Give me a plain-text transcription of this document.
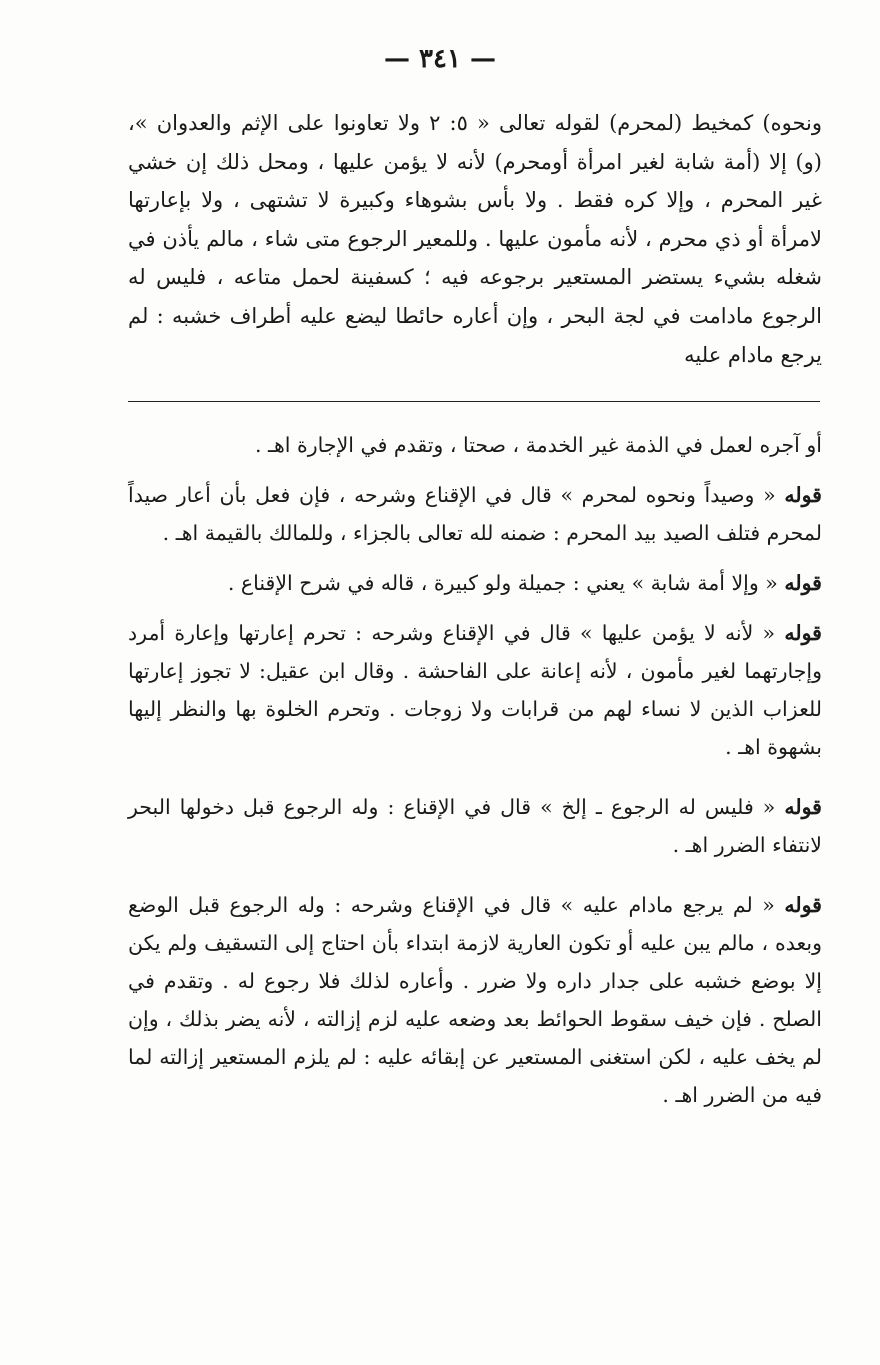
— ٣٤١ —

ونحوه) كمخيط (لمحرم) لقوله تعالى « ٥: ٢ ولا تعاونوا على الإثم والعدوان »، (و) إلا (أمة شابة لغير امرأة أومحرم) لأنه لا يؤمن عليها ، ومحل ذلك إن خشي غير المحرم ، وإلا كره فقط . ولا بأس بشوهاء وكبيرة لا تشتهى ، ولا بإعارتها لامرأة أو ذي محرم ، لأنه مأمون عليها . وللمعير الرجوع متى شاء ، مالم يأذن في شغله بشيء يستضر المستعير برجوعه فيه ؛ كسفينة لحمل متاعه ، فليس له الرجوع مادامت في لجة البحر ، وإن أعاره حائطا ليضع عليه أطراف خشبه : لم يرجع مادام عليه

أو آجره لعمل في الذمة غير الخدمة ، صحتا ، وتقدم في الإجارة اهـ .

قوله « وصيداً ونحوه لمحرم » قال في الإقناع وشرحه ، فإن فعل بأن أعار صيداً لمحرم فتلف الصيد بيد المحرم : ضمنه لله تعالى بالجزاء ، وللمالك بالقيمة اهـ .

قوله « وإلا أمة شابة » يعني : جميلة ولو كبيرة ، قاله في شرح الإقناع .

قوله « لأنه لا يؤمن عليها » قال في الإقناع وشرحه : تحرم إعارتها وإعارة أمرد وإجارتهما لغير مأمون ، لأنه إعانة على الفاحشة . وقال ابن عقيل: لا تجوز إعارتها للعزاب الذين لا نساء لهم من قرابات ولا زوجات . وتحرم الخلوة بها والنظر إليها بشهوة اهـ .

قوله « فليس له الرجوع ـ إلخ » قال في الإقناع : وله الرجوع قبل دخولها البحر لانتفاء الضرر اهـ .

قوله « لم يرجع مادام عليه » قال في الإقناع وشرحه : وله الرجوع قبل الوضع وبعده ، مالم يبن عليه أو تكون العارية لازمة ابتداء بأن احتاج إلى التسقيف ولم يكن إلا بوضع خشبه على جدار داره ولا ضرر . وأعاره لذلك فلا رجوع له . وتقدم في الصلح . فإن خيف سقوط الحوائط بعد وضعه عليه لزم إزالته ، لأنه يضر بذلك ، وإن لم يخف عليه ، لكن استغنى المستعير عن إبقائه عليه : لم يلزم المستعير إزالته لما فيه من الضرر اهـ .
